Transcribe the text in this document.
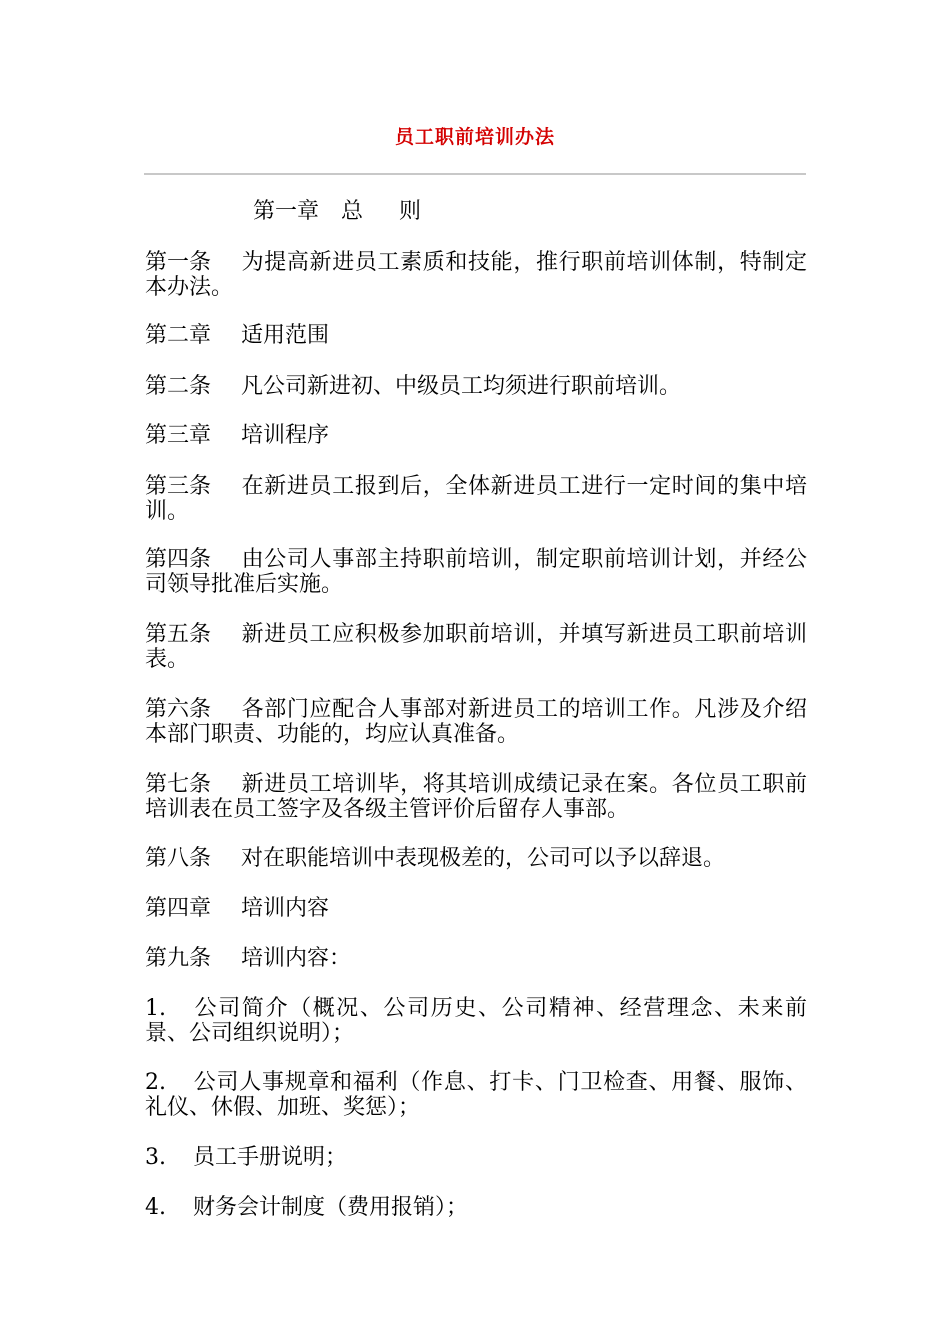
员工职前培训办法
第一章 总 则

第一条 为提高新进员工素质和技能，推行职前培训体制，特制定本办法。

第二章 适用范围

第二条 凡公司新进初、中级员工均须进行职前培训。

第三章 培训程序

第三条 在新进员工报到后，全体新进员工进行一定时间的集中培训。

第四条 由公司人事部主持职前培训，制定职前培训计划，并经公司领导批准后实施。

第五条 新进员工应积极参加职前培训，并填写新进员工职前培训表。

第六条 各部门应配合人事部对新进员工的培训工作。凡涉及介绍本部门职责、功能的，均应认真准备。

第七条 新进员工培训毕，将其培训成绩记录在案。各位员工职前培训表在员工签字及各级主管评价后留存人事部。

第八条 对在职能培训中表现极差的，公司可以予以辞退。

第四章 培训内容

第九条 培训内容：

1. 公司简介（概况、公司历史、公司精神、经营理念、未来前景、公司组织说明）；

2. 公司人事规章和福利（作息、打卡、门卫检查、用餐、服饰、礼仪、休假、加班、奖惩）；

3. 员工手册说明；

4. 财务会计制度（费用报销）；
